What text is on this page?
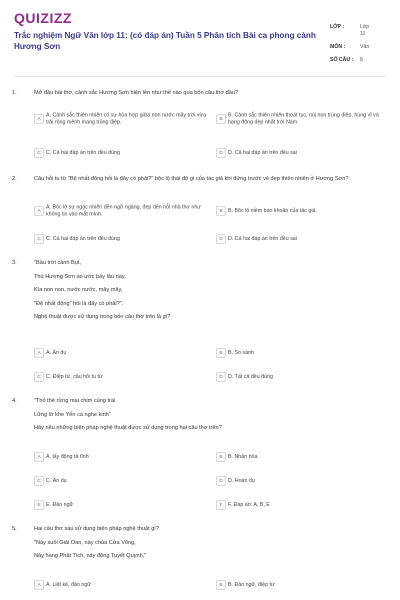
QUIZIZZ
Trắc nghiệm Ngữ Văn lớp 11: (có đáp án) Tuần 5 Phân tích Bài ca phong cảnh Hương Sơn
LỚP :	Lớp
11
MÔN :	Văn
SỐ CÂU :	8
1.	Mở đầu bài thơ, cảnh sắc Hương Sơn hiện lên như thế nào qua bốn câu thơ đầu?
A	A. Cảnh sắc thiên nhiên có sự hòa hợp giữa non nước mây trời vừa trải rộng mênh mang trùng điệp.
B	B. Cảnh sắc thiên nhiên thoát tục, núi non trùng điệp, hùng vĩ và hang động đẹp nhất trời Nam
C	C. Cả hai đáp án trên đều đúng	D	D. Cả hai đáp án trên đều sai
2.	Câu hỏi tu từ "Bệ nhất động hỏi là đây có phải?" bộc lộ thái độ gì của tác giả khi đứng trước vẻ đẹp thiên nhiên ở Hương Sơn?
A	A. Bộc lộ sự ngạc nhiên đến ngỡ ngàng, đẹp đến nỗi nhà thơ như không tin vào mắt mình.
B	B. Bộc lộ niềm bán khoăn của tác giả.
C	C. Cả hai đáp án trên đều đúng	D	D. Cả hai đáp án trên đều sai
3.	"Bầu trời cảnh Bụt,
Thú Hương Sơn ao ước bấy lâu nay.
Kìa non non, nước nước, mây mây,
"Đệ nhất động" hỏi là đây có phải?".
Nghệ thuật được sử dụng trong bốn câu thơ trên là gì?
A	A. Ẩn dụ	B	B. So sánh
C	C. Điệp từ, câu hỏi tu từ	D	D. Tất cả đều đúng
4.	"Thỏ thẻ rừng mai chim cúng trái
Lững lờ khe Yến cá nghe kinh"
Hãy nêu những biện pháp nghệ thuật được sử dụng trong hai câu thơ trên?
A	A. lấy động tả tĩnh	B	B. Nhân hóa
C	C. Ẩn dụ	D	D. Hoán dụ
E	E. Đảo ngữ	F	F. Đáp án: A, B, E
5.	Hai câu thơ sau sử dụng biện pháp nghệ thuật gì?
"Này suối Giải Oan, này chùa Cửa Võng,
Này hang Phật Tích, này động Tuyết Quynh,"
A	A. Liệt kê, đảo ngữ	B	B. Đảo ngữ, điệp từ
